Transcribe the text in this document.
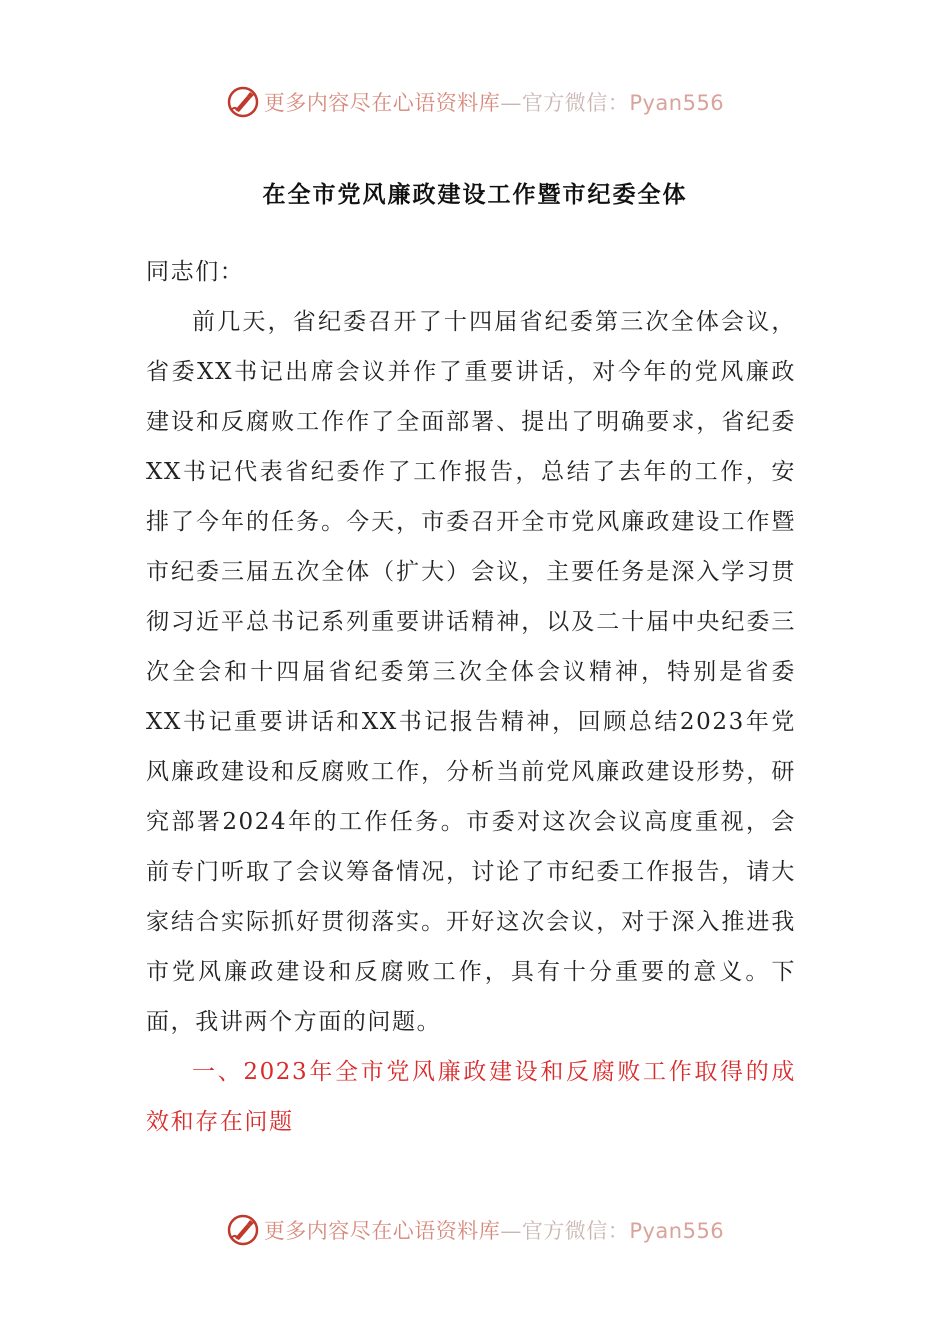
更多内容尽在心语资料库—官方微信：Pyan556
在全市党风廉政建设工作暨市纪委全体

同志们：

前几天，省纪委召开了十四届省纪委第三次全体会议，省委XX书记出席会议并作了重要讲话，对今年的党风廉政建设和反腐败工作作了全面部署、提出了明确要求，省纪委XX书记代表省纪委作了工作报告，总结了去年的工作，安排了今年的任务。今天，市委召开全市党风廉政建设工作暨市纪委三届五次全体（扩大）会议，主要任务是深入学习贯彻习近平总书记系列重要讲话精神，以及二十届中央纪委三次全会和十四届省纪委第三次全体会议精神，特别是省委XX书记重要讲话和XX书记报告精神，回顾总结2023年党风廉政建设和反腐败工作，分析当前党风廉政建设形势，研究部署2024年的工作任务。市委对这次会议高度重视，会前专门听取了会议筹备情况，讨论了市纪委工作报告，请大家结合实际抓好贯彻落实。开好这次会议，对于深入推进我市党风廉政建设和反腐败工作，具有十分重要的意义。下面，我讲两个方面的问题。

一、2023年全市党风廉政建设和反腐败工作取得的成效和存在问题

更多内容尽在心语资料库—官方微信：Pyan556
